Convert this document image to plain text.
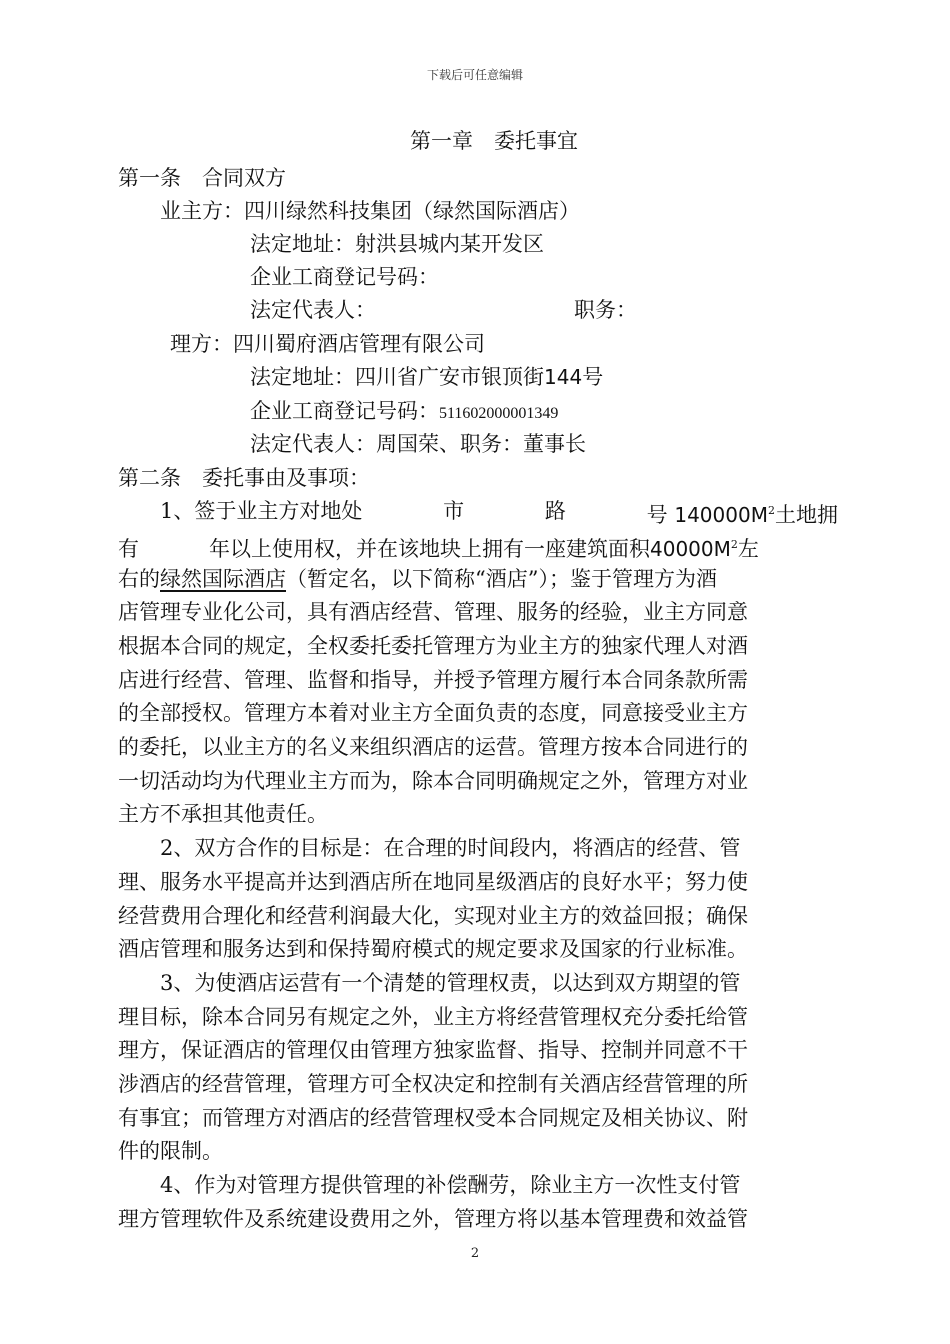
下载后可任意编辑
第一章　委托事宜
第一条　合同双方
业主方：四川绿然科技集团（绿然国际酒店）
法定地址：射洪县城内某开发区
企业工商登记号码：
法定代表人：	职务：
理方：四川蜀府酒店管理有限公司
法定地址：四川省广安市银顶街144号
企业工商登记号码：511602000001349
法定代表人：周国荣、职务：董事长
第二条　委托事由及事项：
1、签于业主方对地处	市	路	号 $140000M^2$土地拥
有	年以上使用权，并在该地块上拥有一座建筑面积$40000M^2$左
右的绿然国际酒店（暂定名，以下简称“酒店”）；鉴于管理方为酒
店管理专业化公司，具有酒店经营、管理、服务的经验，业主方同意
根据本合同的规定，全权委托委托管理方为业主方的独家代理人对酒
店进行经营、管理、监督和指导，并授予管理方履行本合同条款所需
的全部授权。管理方本着对业主方全面负责的态度，同意接受业主方
的委托，以业主方的名义来组织酒店的运营。管理方按本合同进行的
一切活动均为代理业主方而为，除本合同明确规定之外，管理方对业
主方不承担其他责任。
2、双方合作的目标是：在合理的时间段内，将酒店的经营、管
理、服务水平提高并达到酒店所在地同星级酒店的良好水平；努力使
经营费用合理化和经营利润最大化，实现对业主方的效益回报；确保
酒店管理和服务达到和保持蜀府模式的规定要求及国家的行业标准。
3、为使酒店运营有一个清楚的管理权责，以达到双方期望的管
理目标，除本合同另有规定之外，业主方将经营管理权充分委托给管
理方，保证酒店的管理仅由管理方独家监督、指导、控制并同意不干
涉酒店的经营管理，管理方可全权决定和控制有关酒店经营管理的所
有事宜；而管理方对酒店的经营管理权受本合同规定及相关协议、附
件的限制。
4、作为对管理方提供管理的补偿酬劳，除业主方一次性支付管
理方管理软件及系统建设费用之外，管理方将以基本管理费和效益管
2
